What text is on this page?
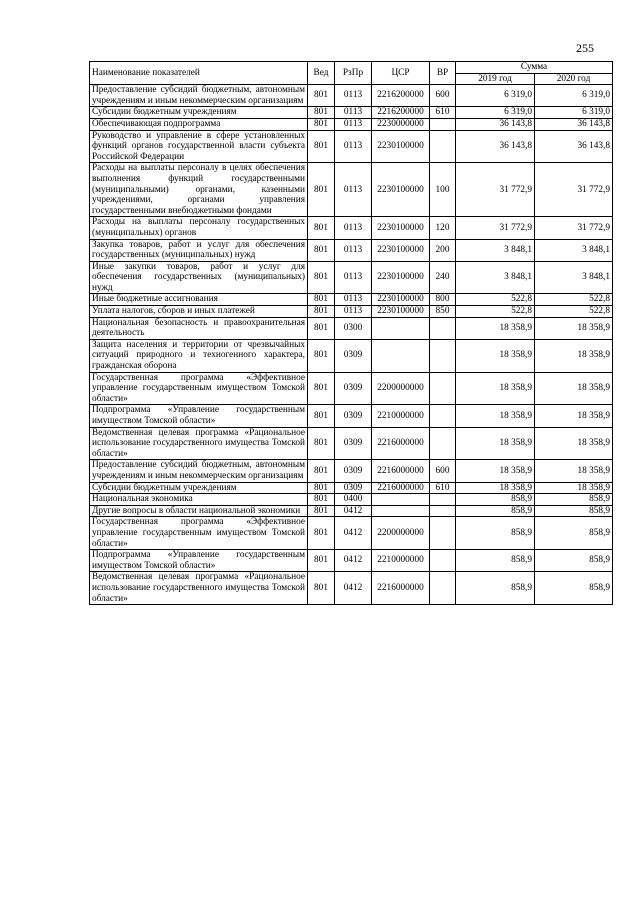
255
Наименование показателей	Вед	РзПр	ЦСР	ВР	Сумма	
					2019 год	2020 год
Предоставление субсидий бюджетным, автономным учреждениям и иным некоммерческим организациям	801	0113	2216200000	600	6 319,0	6 319,0
Субсидии бюджетным учреждениям	801	0113	2216200000	610	6 319,0	6 319,0
Обеспечивающая подпрограмма	801	0113	2230000000		36 143,8	36 143,8
Руководство и управление в сфере установленных функций органов государственной власти субъекта Российской Федерации	801	0113	2230100000		36 143,8	36 143,8
Расходы на выплаты персоналу в целях обеспечения выполнения функций государственными (муниципальными) органами, казенными учреждениями, органами управления государственными внебюджетными фондами	801	0113	2230100000	100	31 772,9	31 772,9
Расходы на выплаты персоналу государственных (муниципальных) органов	801	0113	2230100000	120	31 772,9	31 772,9
Закупка товаров, работ и услуг для обеспечения государственных (муниципальных) нужд	801	0113	2230100000	200	3 848,1	3 848,1
Иные закупки товаров, работ и услуг для обеспечения государственных (муниципальных) нужд	801	0113	2230100000	240	3 848,1	3 848,1
Иные бюджетные ассигнования	801	0113	2230100000	800	522,8	522,8
Уплата налогов, сборов и иных платежей	801	0113	2230100000	850	522,8	522,8
Национальная безопасность и правоохранительная деятельность	801	0300			18 358,9	18 358,9
Защита населения и территории от чрезвычайных ситуаций природного и техногенного характера, гражданская оборона	801	0309			18 358,9	18 358,9
Государственная программа «Эффективное управление государственным имуществом Томской области»	801	0309	2200000000		18 358,9	18 358,9
Подпрограмма «Управление государственным имуществом Томской области»	801	0309	2210000000		18 358,9	18 358,9
Ведомственная целевая программа «Рациональное использование государственного имущества Томской области»	801	0309	2216000000		18 358,9	18 358,9
Предоставление субсидий бюджетным, автономным учреждениям и иным некоммерческим организациям	801	0309	2216000000	600	18 358,9	18 358,9
Субсидии бюджетным учреждениям	801	0309	2216000000	610	18 358,9	18 358,9
Национальная экономика	801	0400			858,9	858,9
Другие вопросы в области национальной экономики	801	0412			858,9	858,9
Государственная программа «Эффективное управление государственным имуществом Томской области»	801	0412	2200000000		858,9	858,9
Подпрограмма «Управление государственным имуществом Томской области»	801	0412	2210000000		858,9	858,9
Ведомственная целевая программа «Рациональное использование государственного имущества Томской области»	801	0412	2216000000		858,9	858,9
